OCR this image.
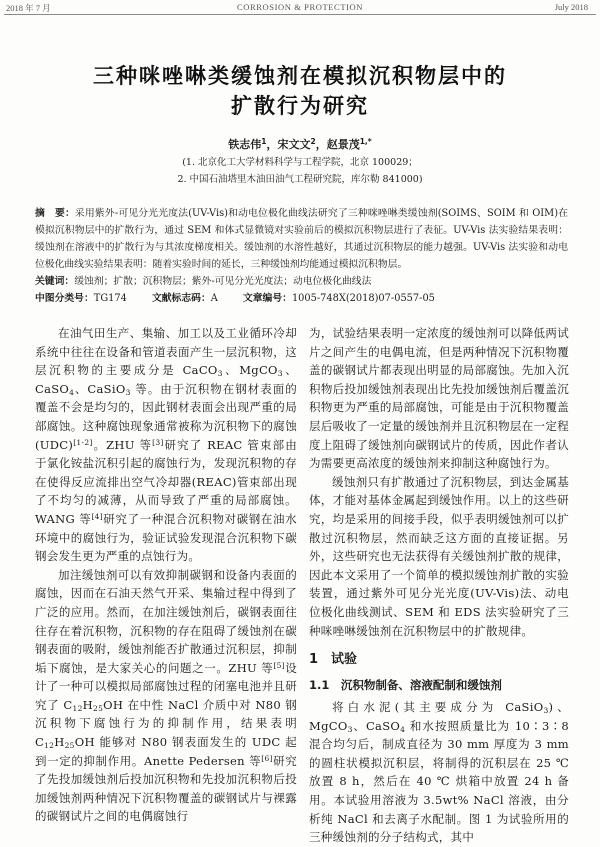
2018 年 7 月	CORROSION & PROTECTION	July 2018
三种咪唑啉类缓蚀剂在模拟沉积物层中的
扩散行为研究
铁志伟$^1$，宋文文$^2$，赵景茂$^{1,*}$
(1. 北京化工大学材料科学与工程学院，北京 100029；
2. 中国石油塔里木油田油气工程研究院，库尔勒 841000)
摘　要：采用紫外-可见分光光度法(UV-Vis)和动电位极化曲线法研究了三种咪唑啉类缓蚀剂(SOIMS、SOIM 和 OIM)在模拟沉积物层中的扩散行为，通过 SEM 和体式显微镜对实验前后的模拟沉积物层进行了表征。UV-Vis 法实验结果表明：缓蚀剂在溶液中的扩散行为与其浓度梯度相关。缓蚀剂的水溶性越好，其通过沉积物层的能力越强。UV-Vis 法实验和动电位极化曲线实验结果表明：随着实验时间的延长，三种缓蚀剂均能通过模拟沉积物层。
关键词：缓蚀剂；扩散；沉积物层；紫外-可见分光光度法；动电位极化曲线法
中图分类号：TG174	文献标志码：A	文章编号：1005-748X(2018)07-0557-05

在油气田生产、集输、加工以及工业循环冷却系统中往往在设备和管道表面产生一层沉积物，这层沉积物的主要成分是 CaCO$_3$、MgCO$_3$、CaSO$_4$、CaSiO$_3$ 等。由于沉积物在钢材表面的覆盖不会是均匀的，因此钢材表面会出现严重的局部腐蚀。这种腐蚀现象通常被称为沉积物下的腐蚀(UDC)[1-2]。ZHU 等[3]研究了 REAC 管束部由于氯化铵盐沉积引起的腐蚀行为，发现沉积物的存在使得反应流排出空气冷却器(REAC)管束部出现了不均匀的减薄，从而导致了严重的局部腐蚀。WANG 等[4]研究了一种混合沉积物对碳钢在油水环境中的腐蚀行为，验证试验发现混合沉积物下碳钢会发生更为严重的点蚀行为。

加注缓蚀剂可以有效抑制碳钢和设备内表面的腐蚀，因而在石油天然气开采、集输过程中得到了广泛的应用。然而，在加注缓蚀剂后，碳钢表面往往存在着沉积物，沉积物的存在阻碍了缓蚀剂在碳钢表面的吸附，缓蚀剂能否扩散通过沉积层，抑制垢下腐蚀，是大家关心的问题之一。ZHU 等[5]设计了一种可以模拟局部腐蚀过程的闭塞电池并且研究了 $C_{12}H_{25}OH$ 在中性 NaCl 介质中对 N80 钢沉积物下腐蚀行为的抑制作用，结果表明 $C_{12}H_{25}OH$ 能够对 N80 钢表面发生的 UDC 起到一定的抑制作用。Anette Pedersen 等[6]研究了先投加缓蚀剂后投加沉积物和先投加沉积物后投加缓蚀剂两种情况下沉积物覆盖的碳钢试片与裸露的碳钢试片之间的电偶腐蚀行

为，试验结果表明一定浓度的缓蚀剂可以降低两试片之间产生的电偶电流，但是两种情况下沉积物覆盖的碳钢试片都表现出明显的局部腐蚀。先加入沉积物后投加缓蚀剂表现出比先投加缓蚀剂后覆盖沉积物更为严重的局部腐蚀，可能是由于沉积物覆盖层后吸收了一定量的缓蚀剂并且沉积物层在一定程度上阻碍了缓蚀剂向碳钢试片的传质，因此作者认为需要更高浓度的缓蚀剂来抑制这种腐蚀行为。

缓蚀剂只有扩散通过了沉积物层，到达金属基体，才能对基体金属起到缓蚀作用。以上的这些研究，均是采用的间接手段，似乎表明缓蚀剂可以扩散过沉积物层，然而缺乏这方面的直接证据。另外，这些研究也无法获得有关缓蚀剂扩散的规律，因此本文采用了一个简单的模拟缓蚀剂扩散的实验装置，通过紫外可见分光光度(UV-Vis)法、动电位极化曲线测试、SEM 和 EDS 法实验研究了三种咪唑啉缓蚀剂在沉积物层中的扩散规律。

1　试验
1.1　沉积物制备、溶液配制和缓蚀剂

将白水泥(其主要成分为 CaSiO$_3$)、MgCO$_3$、CaSO$_4$ 和水按照质量比为 10∶3∶8 混合均匀后，制成直径为 30 mm 厚度为 3 mm 的圆柱状模拟沉积层，将制得的沉积层在 25 ℃ 放置 8 h，然后在 40 ℃ 烘箱中放置 24 h 备用。本试验用溶液为 3.5wt% NaCl 溶液，由分析纯 NaCl 和去离子水配制。图 1 为试验所用的三种缓蚀剂的分子结构式，其中
